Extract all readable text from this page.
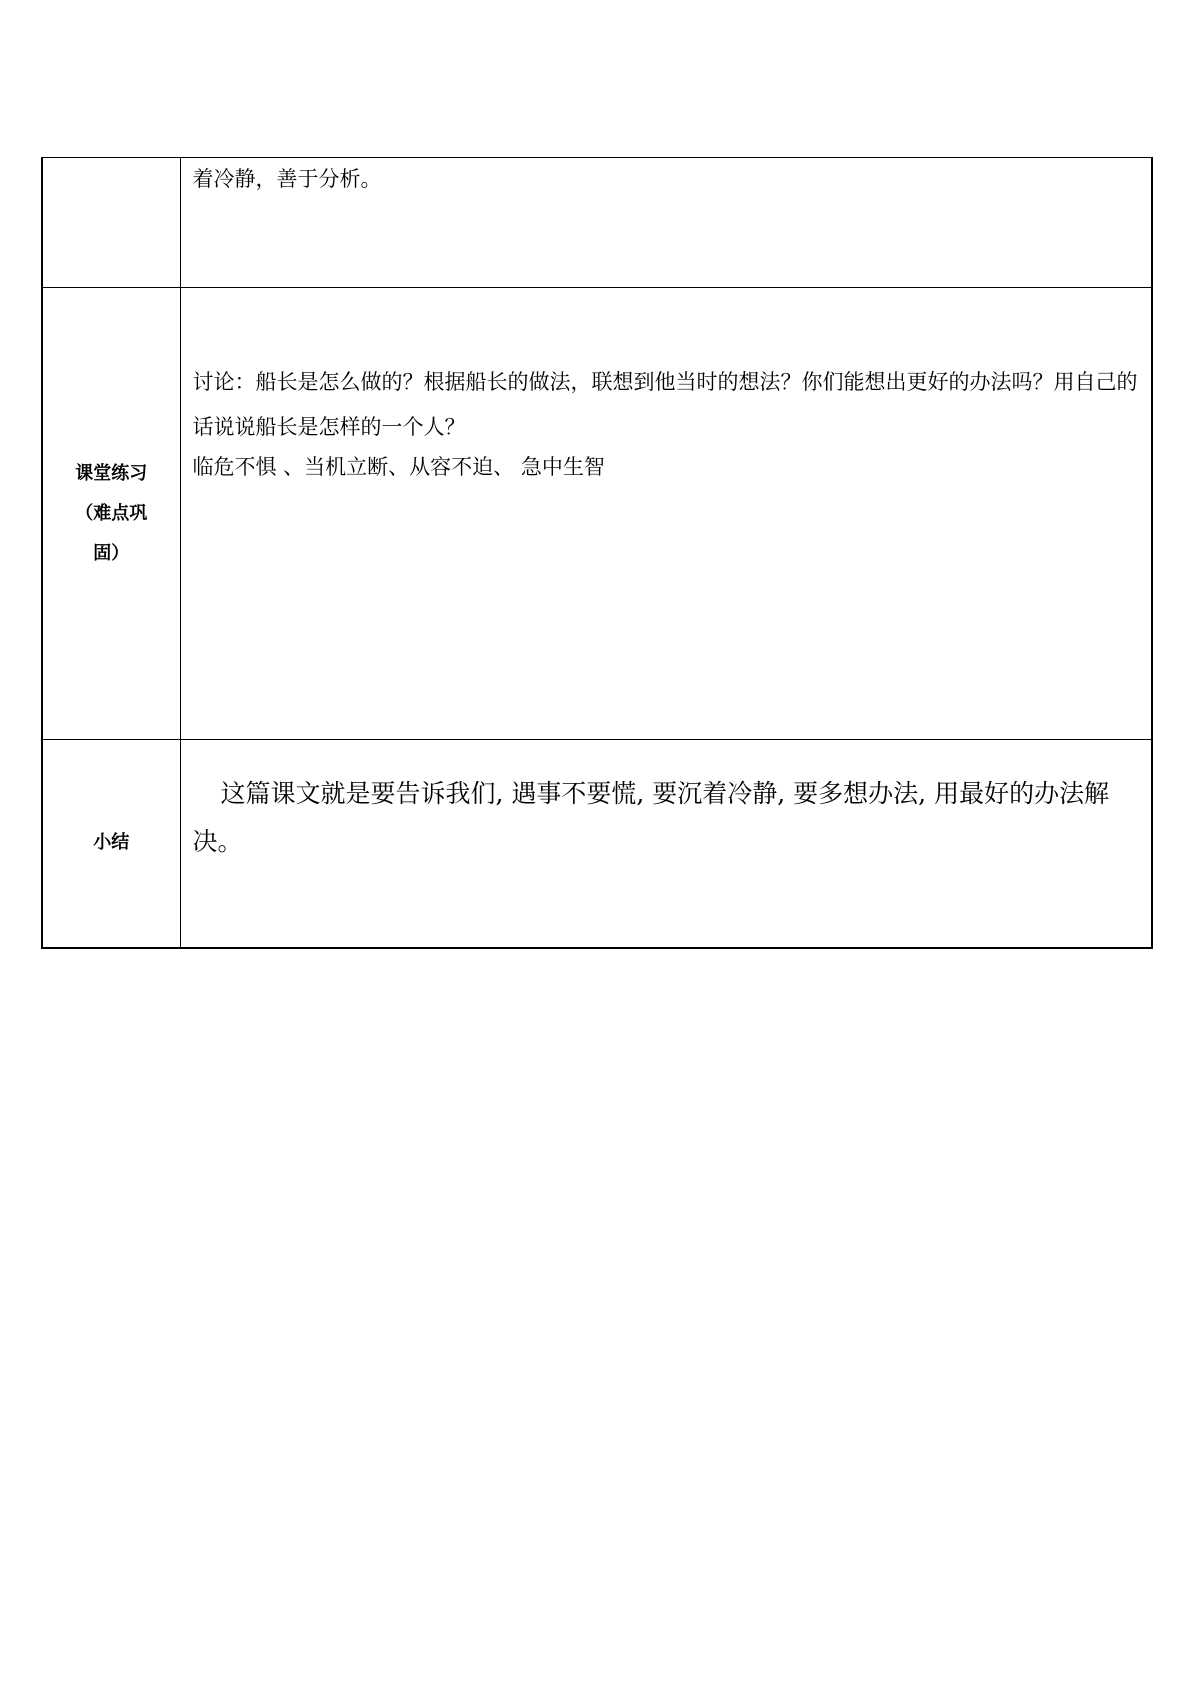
	着冷静，善于分析。

课堂练习（难点巩固）	讨论：船长是怎么做的？根据船长的做法，联想到他当时的想法？你们能想出更好的办法吗？用自己的话说说船长是怎样的一个人？

临危不惧 、当机立断、从容不迫、 急中生智

小结	这篇课文就是要告诉我们, 遇事不要慌, 要沉着冷静, 要多想办法, 用最好的办法解决。
